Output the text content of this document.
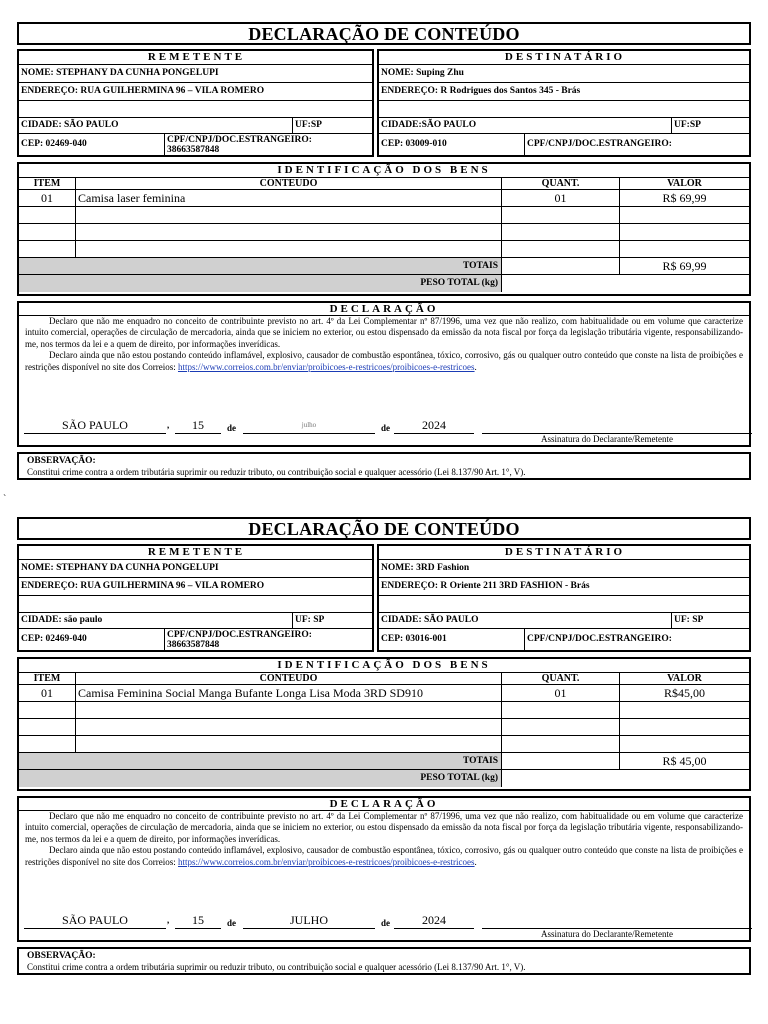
`
DECLARAÇÃO DE CONTEÚDO
REMETENTE
NOME: STEPHANY DA CUNHA PONGELUPI
ENDEREÇO: RUA GUILHERMINA 96 – VILA ROMERO
CIDADE: SÃO PAULO	UF:SP
CEP: 02469-040	CPF/CNPJ/DOC.ESTRANGEIRO:
38663587848
DESTINATÁRIO
NOME: Suping Zhu
ENDEREÇO: R Rodrigues dos Santos 345 - Brás
CIDADE:SÃO PAULO	UF:SP
CEP: 03009-010	CPF/CNPJ/DOC.ESTRANGEIRO:
IDENTIFICAÇÃO DOS BENS
ITEM	CONTEÚDO	QUANT.	VALOR
01	Camisa laser feminina	01	R$ 69,99
TOTAIS	R$ 69,99
PESO TOTAL (kg)
DECLARAÇÃO

Declaro que não me enquadro no conceito de contribuinte previsto no art. 4º da Lei Complementar nº 87/1996, uma vez que não realizo, com habitualidade ou em volume que caracterize intuito comercial, operações de circulação de mercadoria, ainda que se iniciem no exterior, ou estou dispensado da emissão da nota fiscal por força da legislação tributária vigente, responsabilizando-me, nos termos da lei e a quem de direito, por informações inverídicas.

Declaro ainda que não estou postando conteúdo inflamável, explosivo, causador de combustão espontânea, tóxico, corrosivo, gás ou qualquer outro conteúdo que conste na lista de proibições e restrições disponível no site dos Correios: https://www.correios.com.br/enviar/proibicoes-e-restricoes/proibicoes-e-restricoes.

SÃO PAULO	,	15	de	julho	de	2024
Assinatura do Declarante/Remetente
OBSERVAÇÃO:
Constitui crime contra a ordem tributária suprimir ou reduzir tributo, ou contribuição social e qualquer acessório (Lei 8.137/90 Art. 1°, V).
DECLARAÇÃO DE CONTEÚDO
REMETENTE
NOME: STEPHANY DA CUNHA PONGELUPI
ENDEREÇO: RUA GUILHERMINA 96 – VILA ROMERO
CIDADE: são paulo	UF: SP
CEP: 02469-040	CPF/CNPJ/DOC.ESTRANGEIRO:
38663587848
DESTINATÁRIO
NOME: 3RD Fashion
ENDEREÇO: R Oriente 211 3RD FASHION - Brás
CIDADE: SÃO PAULO	UF: SP
CEP: 03016-001	CPF/CNPJ/DOC.ESTRANGEIRO:
IDENTIFICAÇÃO DOS BENS
ITEM	CONTEUDO	QUANT.	VALOR
01	Camisa Feminina Social Manga Bufante Longa Lisa Moda 3RD SD910	01	R$45,00
TOTAIS	R$ 45,00
PESO TOTAL (kg)
DECLARAÇÃO

Declaro que não me enquadro no conceito de contribuinte previsto no art. 4º da Lei Complementar nº 87/1996, uma vez que não realizo, com habitualidade ou em volume que caracterize intuito comercial, operações de circulação de mercadoria, ainda que se iniciem no exterior, ou estou dispensado da emissão da nota fiscal por força da legislação tributária vigente, responsabilizando-me, nos termos da lei e a quem de direito, por informações inverídicas.

Declaro ainda que não estou postando conteúdo inflamável, explosivo, causador de combustão espontânea, tóxico, corrosivo, gás ou qualquer outro conteúdo que conste na lista de proibições e restrições disponível no site dos Correios: https://www.correios.com.br/enviar/proibicoes-e-restricoes/proibicoes-e-restricoes.

SÃO PAULO	,	15	de	JULHO	de	2024
Assinatura do Declarante/Remetente
OBSERVAÇÃO:
Constitui crime contra a ordem tributária suprimir ou reduzir tributo, ou contribuição social e qualquer acessório (Lei 8.137/90 Art. 1°, V).
